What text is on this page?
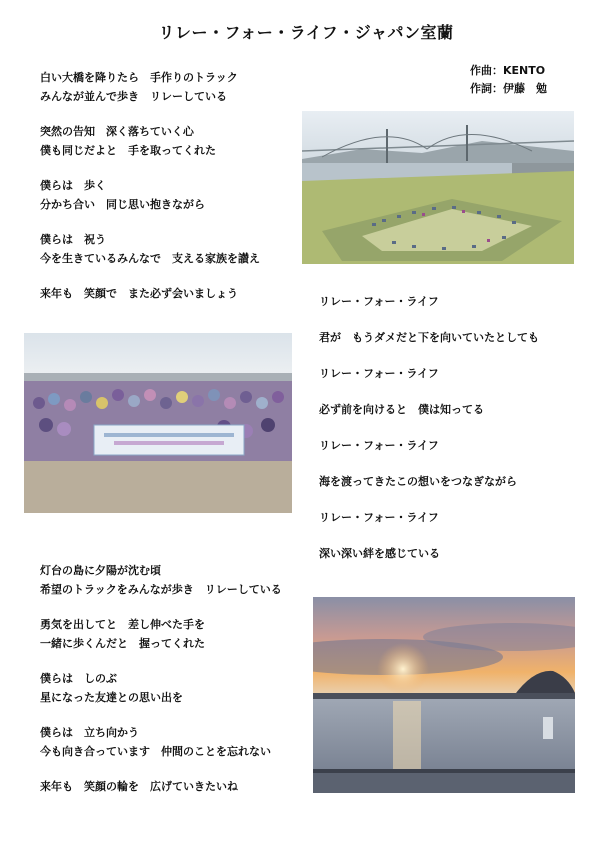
リレー・フォー・ライフ・ジャパン室蘭
作曲：KENTO
作詞：伊藤　勉
白い大橋を降りたら　手作りのトラック
みんなが並んで歩き　リレーしている
突然の告知　深く落ちていく心
僕も同じだよと　手を取ってくれた
僕らは　歩く
分かち合い　同じ思い抱きながら
僕らは　祝う
今を生きているみんなで　支える家族を讃え
来年も　笑顔で　また必ず会いましょう
リレー・フォー・ライフ
君が　もうダメだと下を向いていたとしても
リレー・フォー・ライフ
必ず前を向けると　僕は知ってる
リレー・フォー・ライフ
海を渡ってきたこの想いをつなぎながら
リレー・フォー・ライフ
深い深い絆を感じている
灯台の島に夕陽が沈む頃
希望のトラックをみんなが歩き　リレーしている
勇気を出してと　差し伸べた手を
一緒に歩くんだと　握ってくれた
僕らは　しのぶ
星になった友達との思い出を
僕らは　立ち向かう
今も向き合っています　仲間のことを忘れない
来年も　笑顔の輪を　広げていきたいね
